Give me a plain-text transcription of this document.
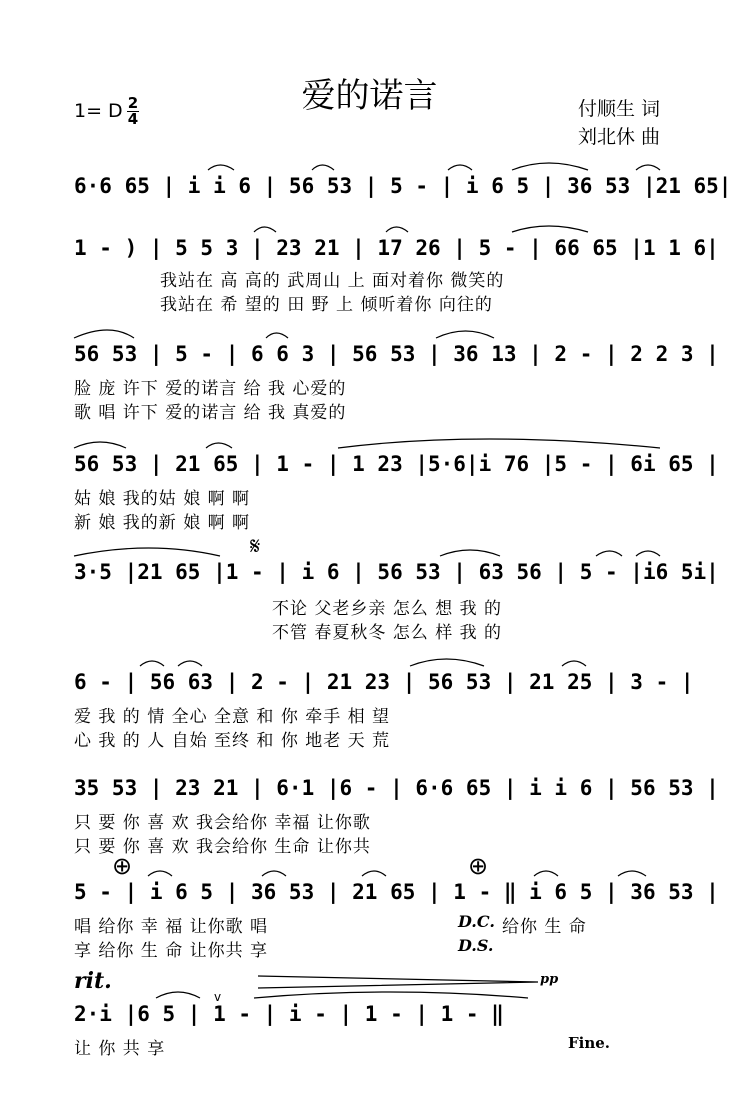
爱的诺言
1= D 2
4	付顺生 词
刘北休 曲
6·6 65 | i i 6 | 56 53 | 5 - | i 6 5 | 36 53 |21 65|
1 - ) | 5 5 3 | 23 21 | 17 26 | 5 - | 66 65 |1 1 6|
我站在 高 高的 武周山 上 面对着你 微笑的
我站在 希 望的 田 野 上 倾听着你 向往的
56 53 | 5 - | 6 6 3 | 56 53 | 36 13 | 2 - | 2 2 3 |
脸 庞 许下 爱的诺言 给 我 心爱的
歌 唱 许下 爱的诺言 给 我 真爱的
56 53 | 21 65 | 1 - | 1 23 |5·6|i 76 |5 - | 6i 65 |
姑 娘 我的姑 娘 啊 啊
新 娘 我的新 娘 啊 啊
𝄋
3·5 |21 65 |1 - | i 6 | 56 53 | 63 56 | 5 - |i6 5i|
不论 父老乡亲 怎么 想 我 的
不管 春夏秋冬 怎么 样 我 的
6 - | 56 63 | 2 - | 21 23 | 56 53 | 21 25 | 3 - |
爱 我 的 情 全心 全意 和 你 牵手 相 望
心 我 的 人 自始 至终 和 你 地老 天 荒
35 53 | 23 21 | 6·1 |6 - | 6·6 65 | i i 6 | 56 53 |
只 要 你 喜 欢 我会给你 幸福 让你歌
只 要 你 喜 欢 我会给你 生命 让你共
⊕	⊕
5 - | i 6 5 | 36 53 | 21 65 | 1 - ‖ i 6 5 | 36 53 |
唱 给你 幸 福 让你歌 唱	D.C. 给你 生 命
享 给你 生 命 让你共 享	D.S.
rit.	pp
v
2·i |6 5 | 1 - | i - | 1 - | 1 - ‖
让 你 共 享	Fine.
